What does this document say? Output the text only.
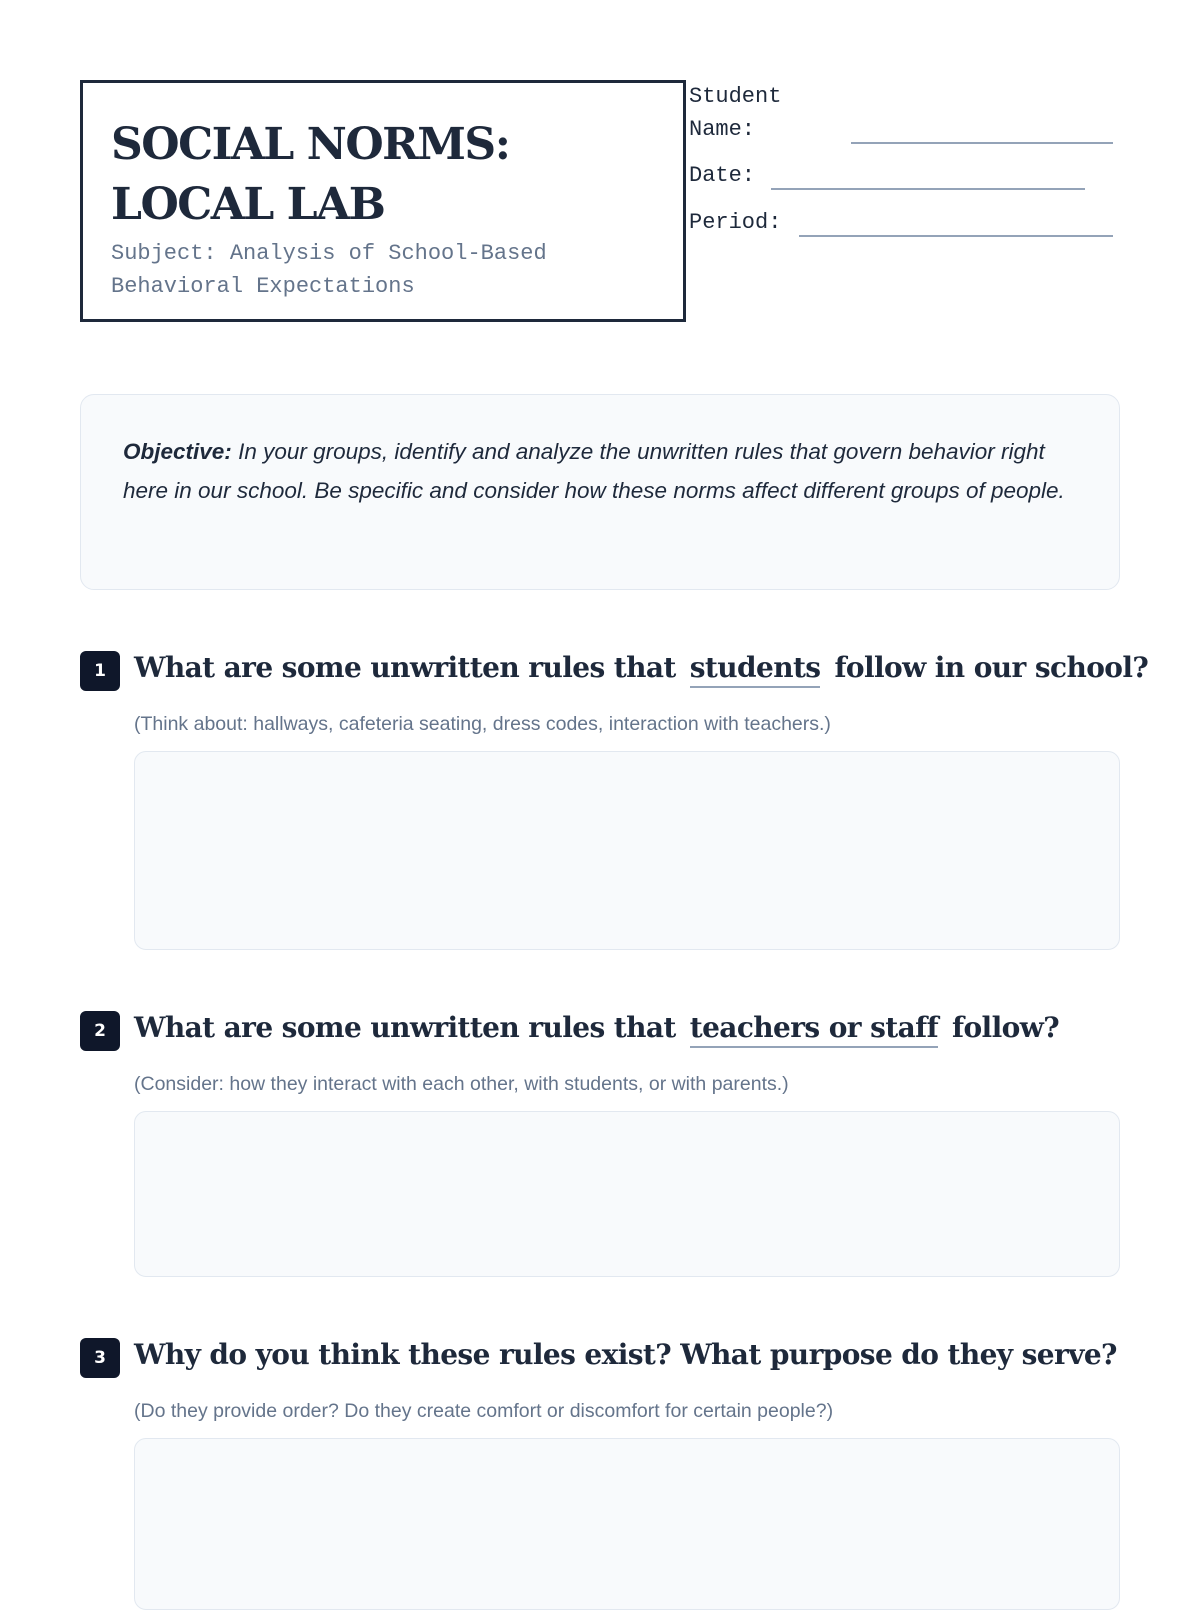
SOCIAL NORMS:
LOCAL LAB

Subject: Analysis of School-Based Behavioral Expectations

Student
Name:
Date:
Period:

Objective: In your groups, identify and analyze the unwritten rules that govern behavior right here in our school. Be specific and consider how these norms affect different groups of people.

1	What are some unwritten rules that students follow in our school?

(Think about: hallways, cafeteria seating, dress codes, interaction with teachers.)

2	What are some unwritten rules that teachers or staff follow?

(Consider: how they interact with each other, with students, or with parents.)

3	Why do you think these rules exist? What purpose do they serve?

(Do they provide order? Do they create comfort or discomfort for certain people?)
